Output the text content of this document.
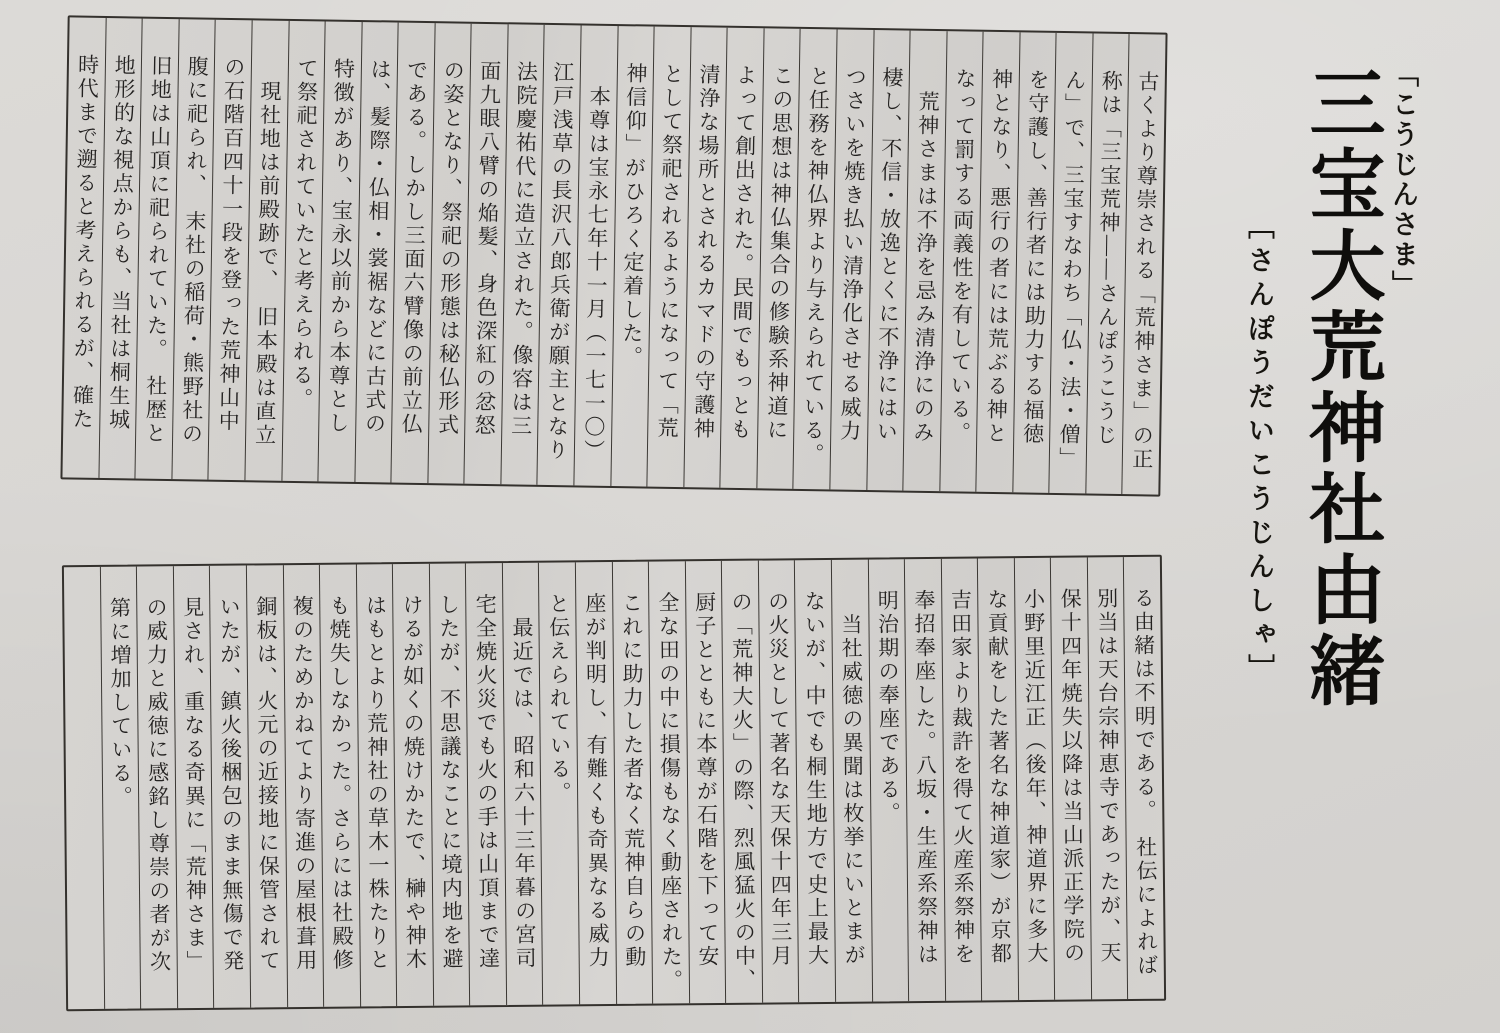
古くより尊崇される「荒神さま」の正
称は「三宝荒神——さんぽうこうじ
ん」で、三宝すなわち「仏・法・僧」
を守護し、善行者には助力する福徳
神となり、悪行の者には荒ぶる神と
なって罰する両義性を有している。
　荒神さまは不浄を忌み清浄にのみ
棲し、不信・放逸とくに不浄にはい
つさいを焼き払い清浄化させる威力
と任務を神仏界より与えられている。
この思想は神仏集合の修験系神道に
よって創出された。民間でもっとも
清浄な場所とされるカマドの守護神
として祭祀されるようになって「荒
神信仰」がひろく定着した。
　本尊は宝永七年十一月（一七一〇）
江戸浅草の長沢八郎兵衛が願主となり
法院慶祐代に造立された。像容は三
面九眼八臂の焔髪、身色深紅の忿怒
の姿となり、祭祀の形態は秘仏形式
である。しかし三面六臂像の前立仏
は、髪際・仏相・裳裾などに古式の
特徴があり、宝永以前から本尊とし
て祭祀されていたと考えられる。
　現社地は前殿跡で、　旧本殿は直立
の石階百四十一段を登った荒神山中
腹に祀られ、　末社の稲荷・熊野社の
旧地は山頂に祀られていた。　社歴と
地形的な視点からも、当社は桐生城
時代まで遡ると考えられるが、確た
る由緒は不明である。　社伝によれば
別当は天台宗神恵寺であったが、天
保十四年焼失以降は当山派正学院の
小野里近江正（後年、神道界に多大
な貢献をした著名な神道家）が京都
吉田家より裁許を得て火産系祭神を
奉招奉座した。八坂・生産系祭神は
明治期の奉座である。
　当社威徳の異聞は枚挙にいとまが
ないが、中でも桐生地方で史上最大
の火災として著名な天保十四年三月
の「荒神大火」の際、烈風猛火の中、
厨子とともに本尊が石階を下って安
全な田の中に損傷もなく動座された。
これに助力した者なく荒神自らの動
座が判明し、有難くも奇異なる威力
と伝えられている。
　最近では、昭和六十三年暮の宮司
宅全焼火災でも火の手は山頂まで達
したが、不思議なことに境内地を避
けるが如くの焼けかたで、榊や神木
はもとより荒神社の草木一株たりと
も焼失しなかった。さらには社殿修
複のためかねてより寄進の屋根葺用
銅板は、火元の近接地に保管されて
いたが、鎮火後梱包のまま無傷で発
見され、重なる奇異に「荒神さま」
の威力と威徳に感銘し尊崇の者が次
第に増加している。
「こうじんさま」
三宝大荒神社由緒
［さんぽうだいこうじんしゃ］
